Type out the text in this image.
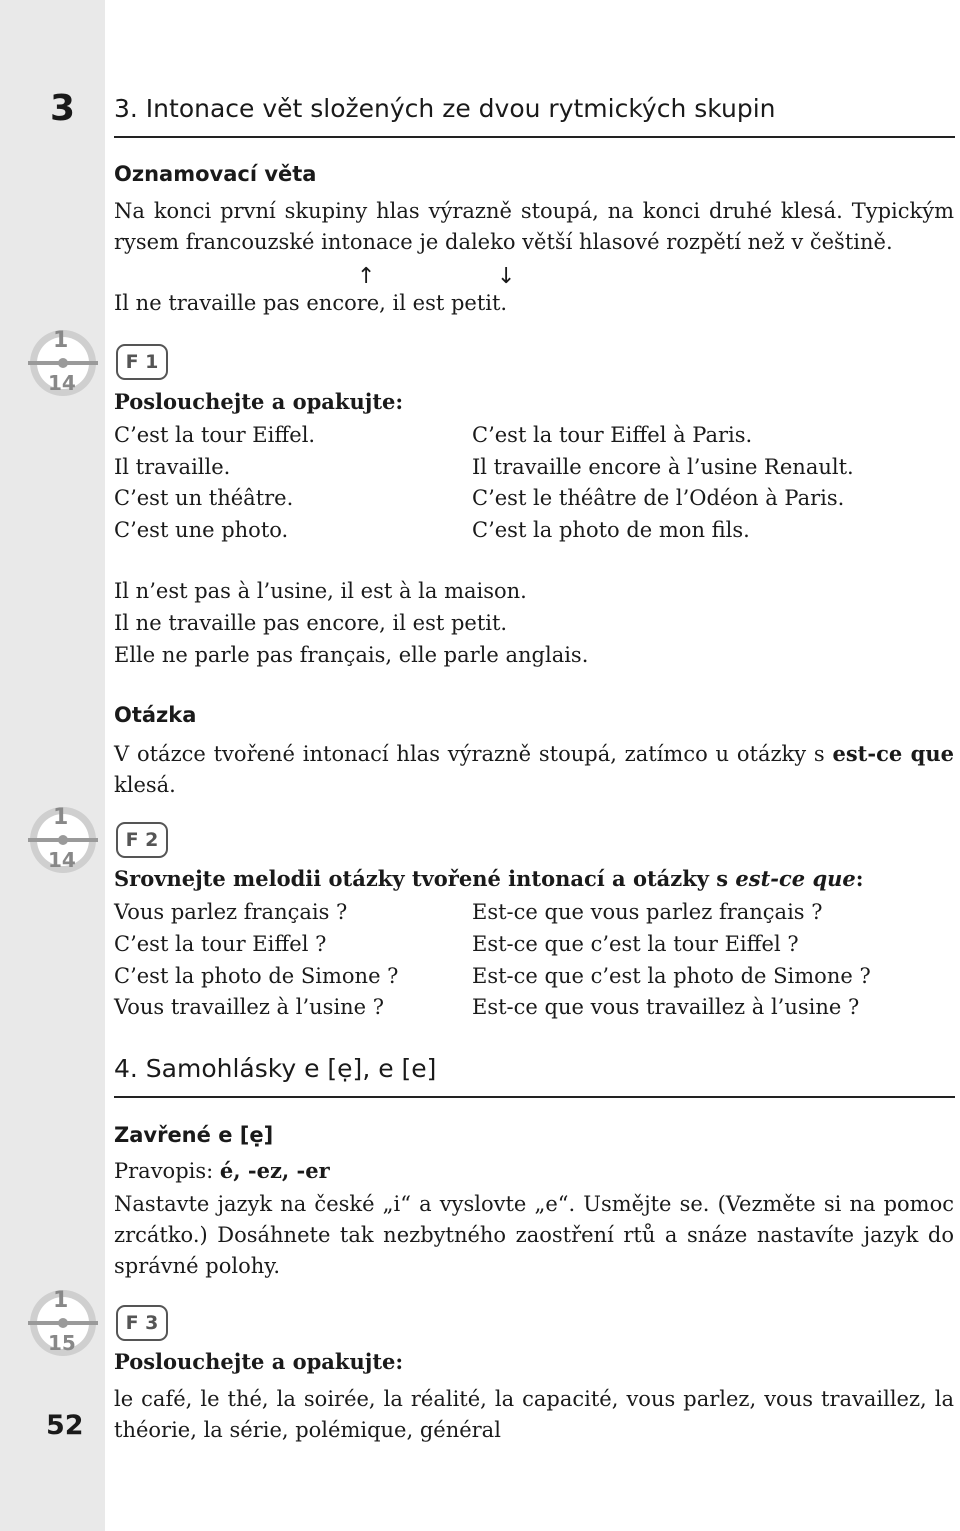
3 3. Intonace vět složených ze dvou rytmických skupin
Oznamovací věta
Na konci první skupiny hlas výrazně stoupá, na konci druhé klesá. Typickým rysem francouzské intonace je daleko větší hlasové rozpětí než v češtině.
↑	↓
Il ne travaille pas encore, il est petit.
1
14
F 1
Poslouchejte a opakujte:
C’est la tour Eiffel.
Il travaille.
C’est un théâtre.
C’est une photo.
C’est la tour Eiffel à Paris.
Il travaille encore à l’usine Renault.
C’est le théâtre de l’Odéon à Paris.
C’est la photo de mon fils.
Il n’est pas à l’usine, il est à la maison.
Il ne travaille pas encore, il est petit.
Elle ne parle pas français, elle parle anglais.
Otázka
V otázce tvořené intonací hlas výrazně stoupá, zatímco u otázky s est-ce que klesá.
1
14
F 2
Srovnejte melodii otázky tvořené intonací a otázky s est-ce que:
Vous parlez français ?
C’est la tour Eiffel ?
C’est la photo de Simone ?
Vous travaillez à l’usine ?
Est-ce que vous parlez français ?
Est-ce que c’est la tour Eiffel ?
Est-ce que c’est la photo de Simone ?
Est-ce que vous travaillez à l’usine ?
4. Samohlásky e [ẹ], e [e]
Zavřené e [ẹ]
Pravopis: é, -ez, -er
Nastavte jazyk na české „i“ a vyslovte „e“. Usmějte se. (Vezměte si na pomoc zrcátko.) Dosáhnete tak nezbytného zaostření rtů a snáze nastavíte jazyk do správné polohy.
1
15
F 3
Poslouchejte a opakujte:
le café, le thé, la soirée, la réalité, la capacité, vous parlez, vous travaillez, la théorie, la série, polémique, général
52
